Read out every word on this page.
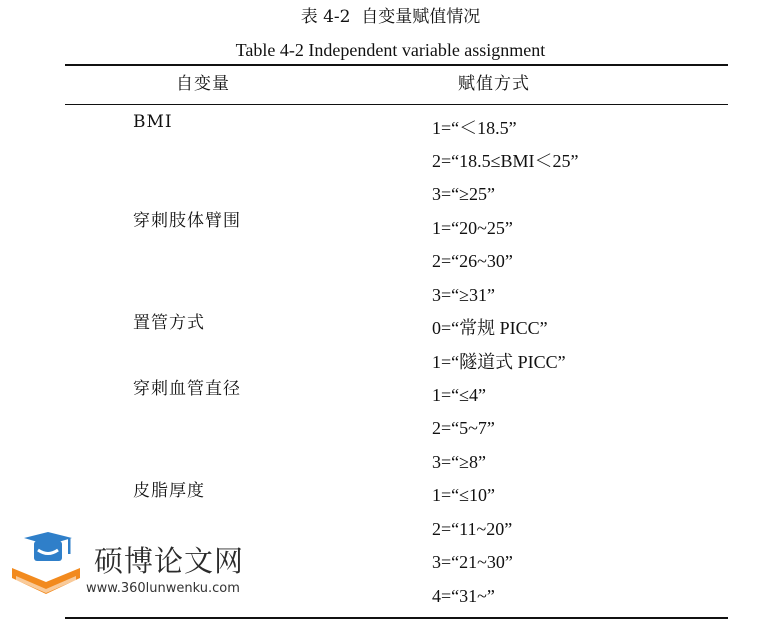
表 4-2  自变量赋值情况
Table 4-2 Independent variable assignment
自变量	赋值方式
BMI
穿刺肢体臂围
置管方式
穿刺血管直径
皮脂厚度
1=“＜18.5”
2=“18.5≤BMI＜25”
3=“≥25”
1=“20~25”
2=“26~30”
3=“≥31”
0=“常规 PICC”
1=“隧道式 PICC”
1=“≤4”
2=“5~7”
3=“≥8”
1=“≤10”
2=“11~20”
3=“21~30”
4=“31~”
硕博论文网
www.360lunwenku.com
